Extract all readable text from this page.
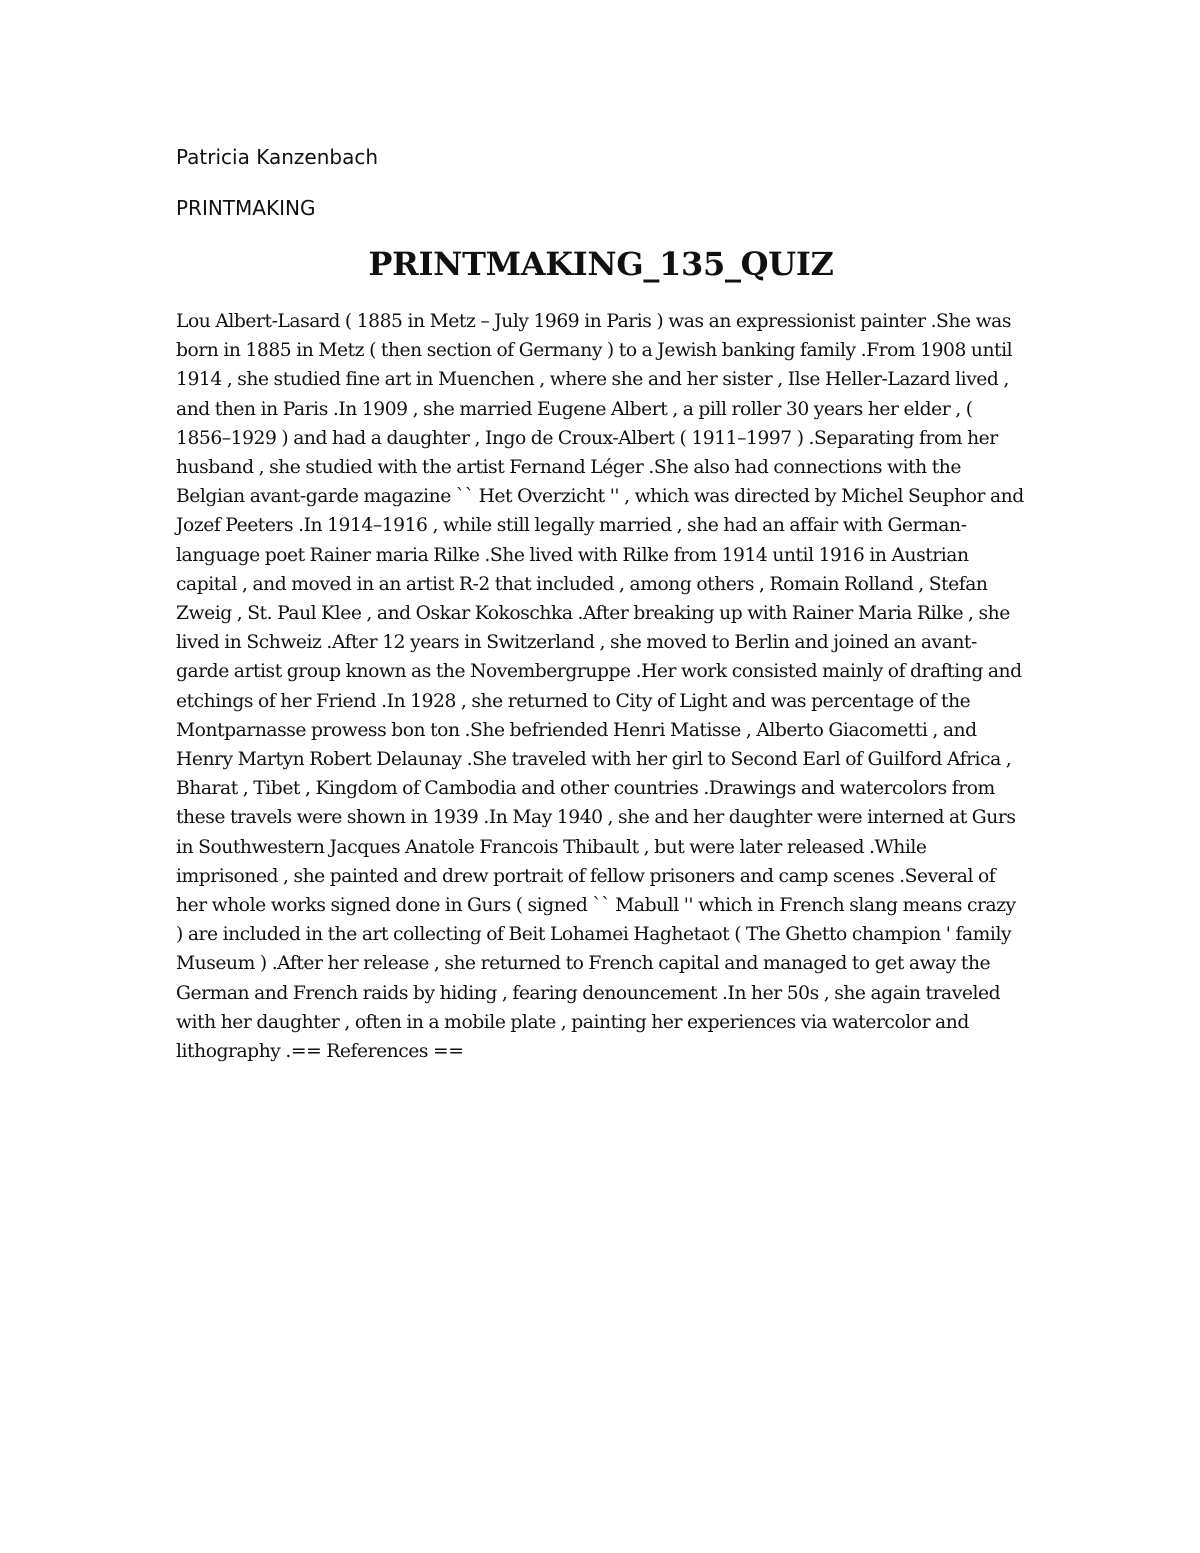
Patricia Kanzenbach

PRINTMAKING

PRINTMAKING_135_QUIZ

Lou Albert-Lasard ( 1885 in Metz – July 1969 in Paris ) was an expressionist painter .She was born in 1885 in Metz ( then section of Germany ) to a Jewish banking family .From 1908 until 1914 , she studied fine art in Muenchen , where she and her sister , Ilse Heller-Lazard lived , and then in Paris .In 1909 , she married Eugene Albert , a pill roller 30 years her elder , ( 1856–1929 ) and had a daughter , Ingo de Croux-Albert ( 1911–1997 ) .Separating from her husband , she studied with the artist Fernand Léger .She also had connections with the Belgian avant-garde magazine `` Het Overzicht '' , which was directed by Michel Seuphor and Jozef Peeters .In 1914–1916 , while still legally married , she had an affair with German-language poet Rainer maria Rilke .She lived with Rilke from 1914 until 1916 in Austrian capital , and moved in an artist R-2 that included , among others , Romain Rolland , Stefan Zweig , St. Paul Klee , and Oskar Kokoschka .After breaking up with Rainer Maria Rilke , she lived in Schweiz .After 12 years in Switzerland , she moved to Berlin and joined an avant-garde artist group known as the Novembergruppe .Her work consisted mainly of drafting and etchings of her Friend .In 1928 , she returned to City of Light and was percentage of the Montparnasse prowess bon ton .She befriended Henri Matisse , Alberto Giacometti , and Henry Martyn Robert Delaunay .She traveled with her girl to Second Earl of Guilford Africa , Bharat , Tibet , Kingdom of Cambodia and other countries .Drawings and watercolors from these travels were shown in 1939 .In May 1940 , she and her daughter were interned at Gurs in Southwestern Jacques Anatole Francois Thibault , but were later released .While imprisoned , she painted and drew portrait of fellow prisoners and camp scenes .Several of her whole works signed done in Gurs ( signed `` Mabull '' which in French slang means crazy ) are included in the art collecting of Beit Lohamei Haghetaot ( The Ghetto champion ' family Museum ) .After her release , she returned to French capital and managed to get away the German and French raids by hiding , fearing denouncement .In her 50s , she again traveled with her daughter , often in a mobile plate , painting her experiences via watercolor and lithography .== References ==
